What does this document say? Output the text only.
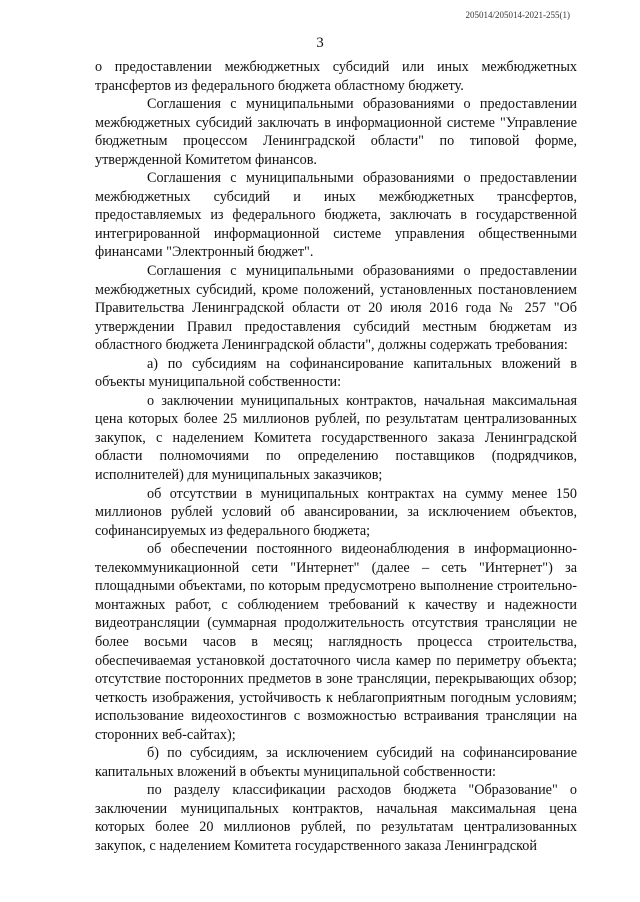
205014/205014-2021-255(1)
3

о предоставлении межбюджетных субсидий или иных межбюджетных трансфертов из федерального бюджета областному бюджету.

Соглашения с муниципальными образованиями о предоставлении межбюджетных субсидий заключать в информационной системе "Управление бюджетным процессом Ленинградской области" по типовой форме, утвержденной Комитетом финансов.

Соглашения с муниципальными образованиями о предоставлении межбюджетных субсидий и иных межбюджетных трансфертов, предоставляемых из федерального бюджета, заключать в государственной интегрированной информационной системе управления общественными финансами "Электронный бюджет".

Соглашения с муниципальными образованиями о предоставлении межбюджетных субсидий, кроме положений, установленных постановлением Правительства Ленинградской области от 20 июля 2016 года № 257 "Об утверждении Правил предоставления субсидий местным бюджетам из областного бюджета Ленинградской области", должны содержать требования:

а) по субсидиям на софинансирование капитальных вложений в объекты муниципальной собственности:

о заключении муниципальных контрактов, начальная максимальная цена которых более 25 миллионов рублей, по результатам централизованных закупок, с наделением Комитета государственного заказа Ленинградской области полномочиями по определению поставщиков (подрядчиков, исполнителей) для муниципальных заказчиков;

об отсутствии в муниципальных контрактах на сумму менее 150 миллионов рублей условий об авансировании, за исключением объектов, софинансируемых из федерального бюджета;

об обеспечении постоянного видеонаблюдения в информационно-телекоммуникационной сети "Интернет" (далее – сеть "Интернет") за площадными объектами, по которым предусмотрено выполнение строительно-монтажных работ, с соблюдением требований к качеству и надежности видеотрансляции (суммарная продолжительность отсутствия трансляции не более восьми часов в месяц; наглядность процесса строительства, обеспечиваемая установкой достаточного числа камер по периметру объекта; отсутствие посторонних предметов в зоне трансляции, перекрывающих обзор; четкость изображения, устойчивость к неблагоприятным погодным условиям; использование видеохостингов с возможностью встраивания трансляции на сторонних веб-сайтах);

б) по субсидиям, за исключением субсидий на софинансирование капитальных вложений в объекты муниципальной собственности:

по разделу классификации расходов бюджета "Образование" о заключении муниципальных контрактов, начальная максимальная цена которых более 20 миллионов рублей, по результатам централизованных закупок, с наделением Комитета государственного заказа Ленинградской
